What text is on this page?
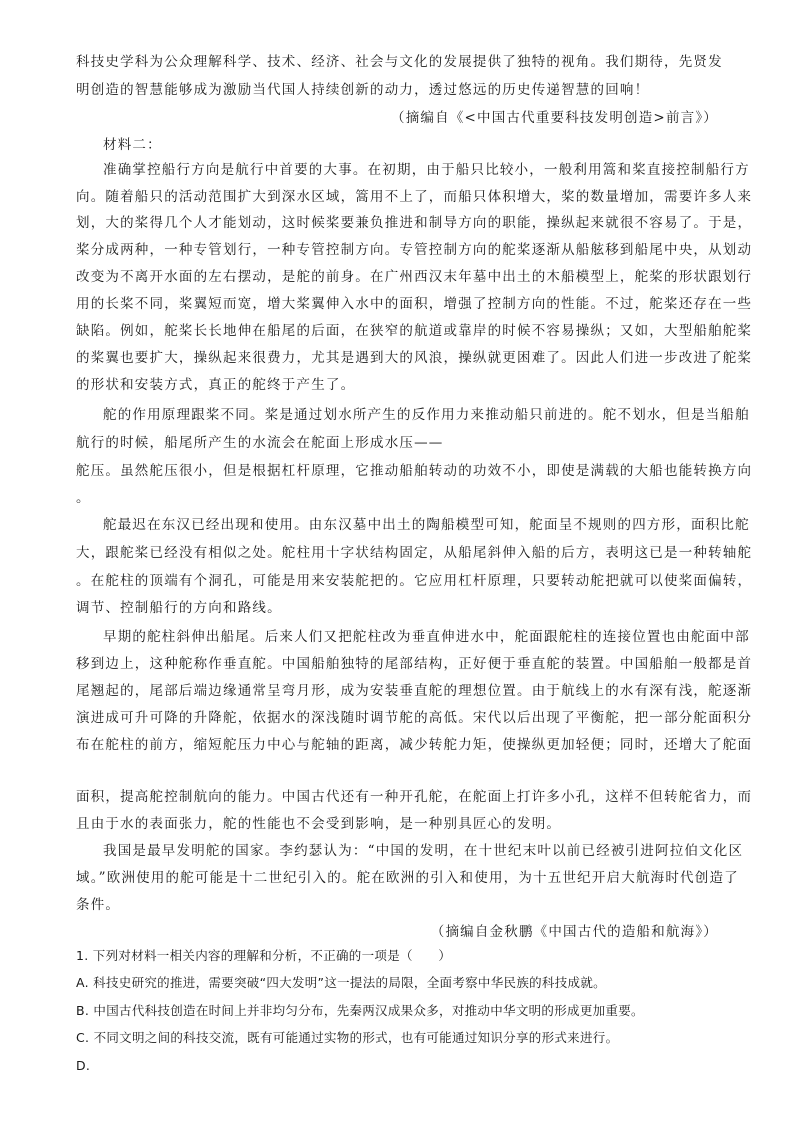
科技史学科为公众理解科学、技术、经济、社会与文化的发展提供了独特的视角。我们期待，先贤发
明创造的智慧能够成为激励当代国人持续创新的动力，透过悠远的历史传递智慧的回响！
（摘编自《<中国古代重要科技发明创造>前言》）
材料二：
准确掌控船行方向是航行中首要的大事。在初期，由于船只比较小，一般利用篙和桨直接控制船行方
向。随着船只的活动范围扩大到深水区域，篙用不上了，而船只体积增大，桨的数量增加，需要许多人来
划，大的桨得几个人才能划动，这时候桨要兼负推进和制导方向的职能，操纵起来就很不容易了。于是，
桨分成两种，一种专管划行，一种专管控制方向。专管控制方向的舵桨逐渐从船舷移到船尾中央，从划动
改变为不离开水面的左右摆动，是舵的前身。在广州西汉末年墓中出土的木船模型上，舵桨的形状跟划行
用的长桨不同，桨翼短而宽，增大桨翼伸入水中的面积，增强了控制方向的性能。不过，舵桨还存在一些
缺陷。例如，舵桨长长地伸在船尾的后面，在狭窄的航道或靠岸的时候不容易操纵；又如，大型船舶舵桨
的桨翼也要扩大，操纵起来很费力，尤其是遇到大的风浪，操纵就更困难了。因此人们进一步改进了舵桨
的形状和安装方式，真正的舵终于产生了。
舵的作用原理跟桨不同。桨是通过划水所产生的反作用力来推动船只前进的。舵不划水，但是当船舶
航行的时候，船尾所产生的水流会在舵面上形成水压——
舵压。虽然舵压很小，但是根据杠杆原理，它推动船舶转动的功效不小，即使是满载的大船也能转换方向
。
舵最迟在东汉已经出现和使用。由东汉墓中出土的陶船模型可知，舵面呈不规则的四方形，面积比舵
大，跟舵桨已经没有相似之处。舵柱用十字状结构固定，从船尾斜伸入船的后方，表明这已是一种转轴舵
。在舵柱的顶端有个洞孔，可能是用来安装舵把的。它应用杠杆原理，只要转动舵把就可以使桨面偏转，
调节、控制船行的方向和路线。
早期的舵柱斜伸出船尾。后来人们又把舵柱改为垂直伸进水中，舵面跟舵柱的连接位置也由舵面中部
移到边上，这种舵称作垂直舵。中国船舶独特的尾部结构，正好便于垂直舵的装置。中国船舶一般都是首
尾翘起的，尾部后端边缘通常呈弯月形，成为安装垂直舵的理想位置。由于航线上的水有深有浅，舵逐渐
演进成可升可降的升降舵，依据水的深浅随时调节舵的高低。宋代以后出现了平衡舵，把一部分舵面积分
布在舵柱的前方，缩短舵压力中心与舵轴的距离，减少转舵力矩，使操纵更加轻便；同时，还增大了舵面
面积，提高舵控制航向的能力。中国古代还有一种开孔舵，在舵面上打许多小孔，这样不但转舵省力，而
且由于水的表面张力，舵的性能也不会受到影响，是一种别具匠心的发明。
我国是最早发明舵的国家。李约瑟认为：“中国的发明，在十世纪末叶以前已经被引进阿拉伯文化区
域。”欧洲使用的舵可能是十二世纪引入的。舵在欧洲的引入和使用，为十五世纪开启大航海时代创造了
条件。
（摘编自金秋鹏《中国古代的造船和航海》）
1. 下列对材料一相关内容的理解和分析，不正确的一项是（　　）
A. 科技史研究的推进，需要突破“四大发明”这一提法的局限，全面考察中华民族的科技成就。
B. 中国古代科技创造在时间上并非均匀分布，先秦两汉成果众多，对推动中华文明的形成更加重要。
C. 不同文明之间的科技交流，既有可能通过实物的形式，也有可能通过知识分享的形式来进行。
D.
